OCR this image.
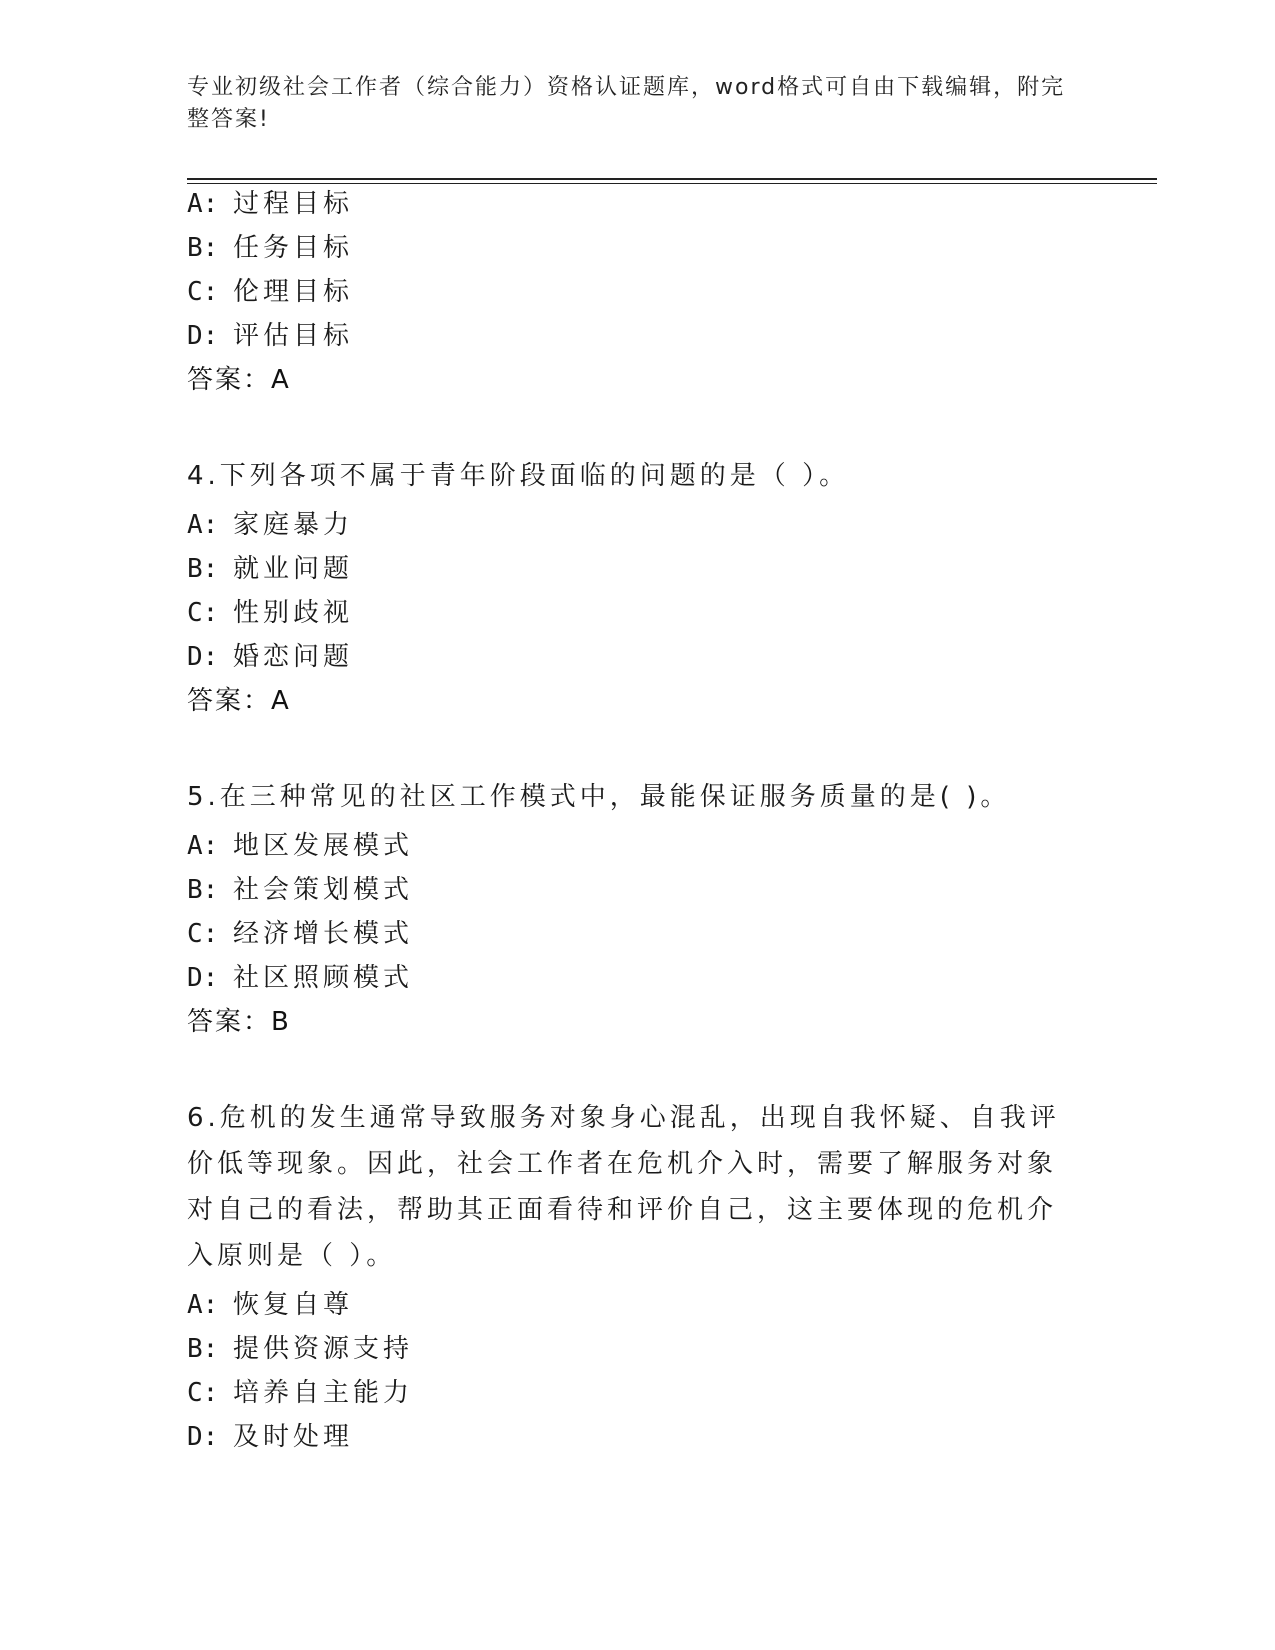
专业初级社会工作者（综合能力）资格认证题库，word格式可自由下载编辑，附完整答案!
A: 过程目标
B: 任务目标
C: 伦理目标
D: 评估目标
答案：A
4.下列各项不属于青年阶段面临的问题的是（ ）。
A: 家庭暴力
B: 就业问题
C: 性别歧视
D: 婚恋问题
答案：A
5.在三种常见的社区工作模式中，最能保证服务质量的是( )。
A: 地区发展模式
B: 社会策划模式
C: 经济增长模式
D: 社区照顾模式
答案：B
6.危机的发生通常导致服务对象身心混乱，出现自我怀疑、自我评价低等现象。因此，社会工作者在危机介入时，需要了解服务对象对自己的看法，帮助其正面看待和评价自己，这主要体现的危机介入原则是（ ）。
A: 恢复自尊
B: 提供资源支持
C: 培养自主能力
D: 及时处理
